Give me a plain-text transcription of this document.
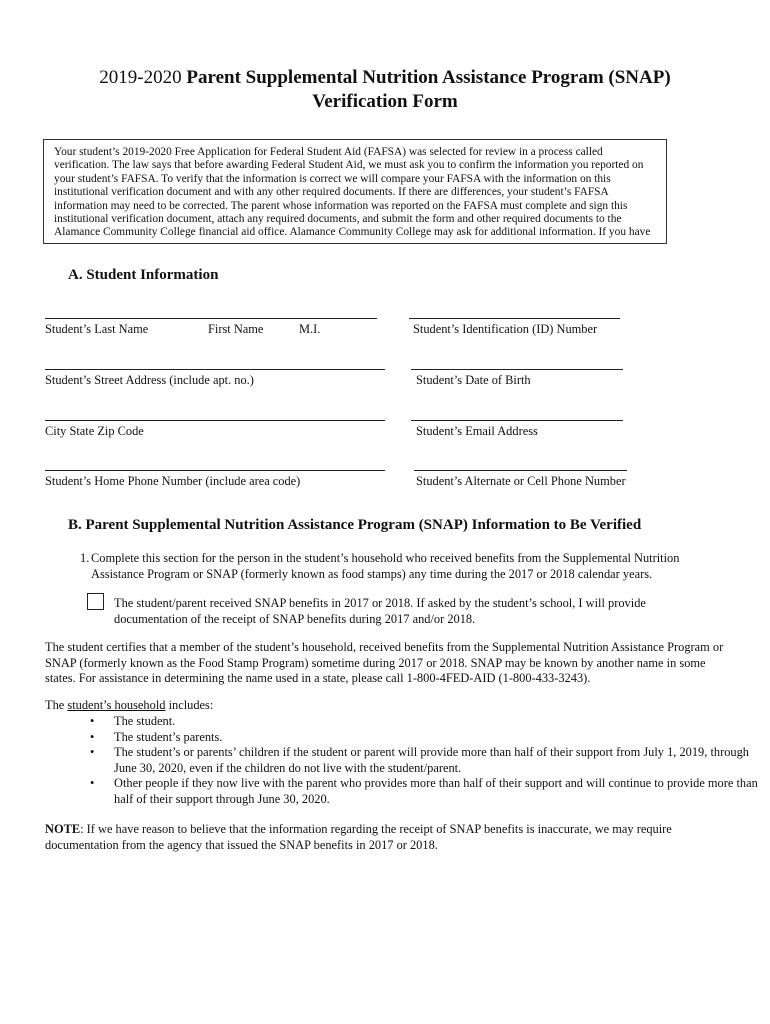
2019-2020 Parent Supplemental Nutrition Assistance Program (SNAP)
Verification Form
Your student’s 2019-2020 Free Application for Federal Student Aid (FAFSA) was selected for review in a process called verification. The law says that before awarding Federal Student Aid, we must ask you to confirm the information you reported on your student’s FAFSA. To verify that the information is correct we will compare your FAFSA with the information on this institutional verification document and with any other required documents. If there are differences, your student’s FAFSA information may need to be corrected. The parent whose information was reported on the FAFSA must complete and sign this institutional verification document, attach any required documents, and submit the form and other required documents to the Alamance Community College financial aid office. Alamance Community College may ask for additional information. If you have
A. Student Information
Student’s Last Name	First Name	M.I.	Student’s Identification (ID) Number
Student’s Street Address (include apt. no.)	Student’s Date of Birth
City State Zip Code	Student’s Email Address
Student’s Home Phone Number (include area code)	Student’s Alternate or Cell Phone Number
B. Parent Supplemental Nutrition Assistance Program (SNAP) Information to Be Verified
1. Complete this section for the person in the student’s household who received benefits from the Supplemental Nutrition Assistance Program or SNAP (formerly known as food stamps) any time during the 2017 or 2018 calendar years.
The student/parent received SNAP benefits in 2017 or 2018. If asked by the student’s school, I will provide documentation of the receipt of SNAP benefits during 2017 and/or 2018.
The student certifies that a member of the student’s household, received benefits from the Supplemental Nutrition Assistance Program or SNAP (formerly known as the Food Stamp Program) sometime during 2017 or 2018. SNAP may be known by another name in some states. For assistance in determining the name used in a state, please call 1-800-4FED-AID (1-800-433-3243).
The student’s household includes:
• The student.
• The student’s parents.
• The student’s or parents’ children if the student or parent will provide more than half of their support from July 1, 2019, through June 30, 2020, even if the children do not live with the student/parent.
• Other people if they now live with the parent who provides more than half of their support and will continue to provide more than half of their support through June 30, 2020.
NOTE: If we have reason to believe that the information regarding the receipt of SNAP benefits is inaccurate, we may require documentation from the agency that issued the SNAP benefits in 2017 or 2018.
